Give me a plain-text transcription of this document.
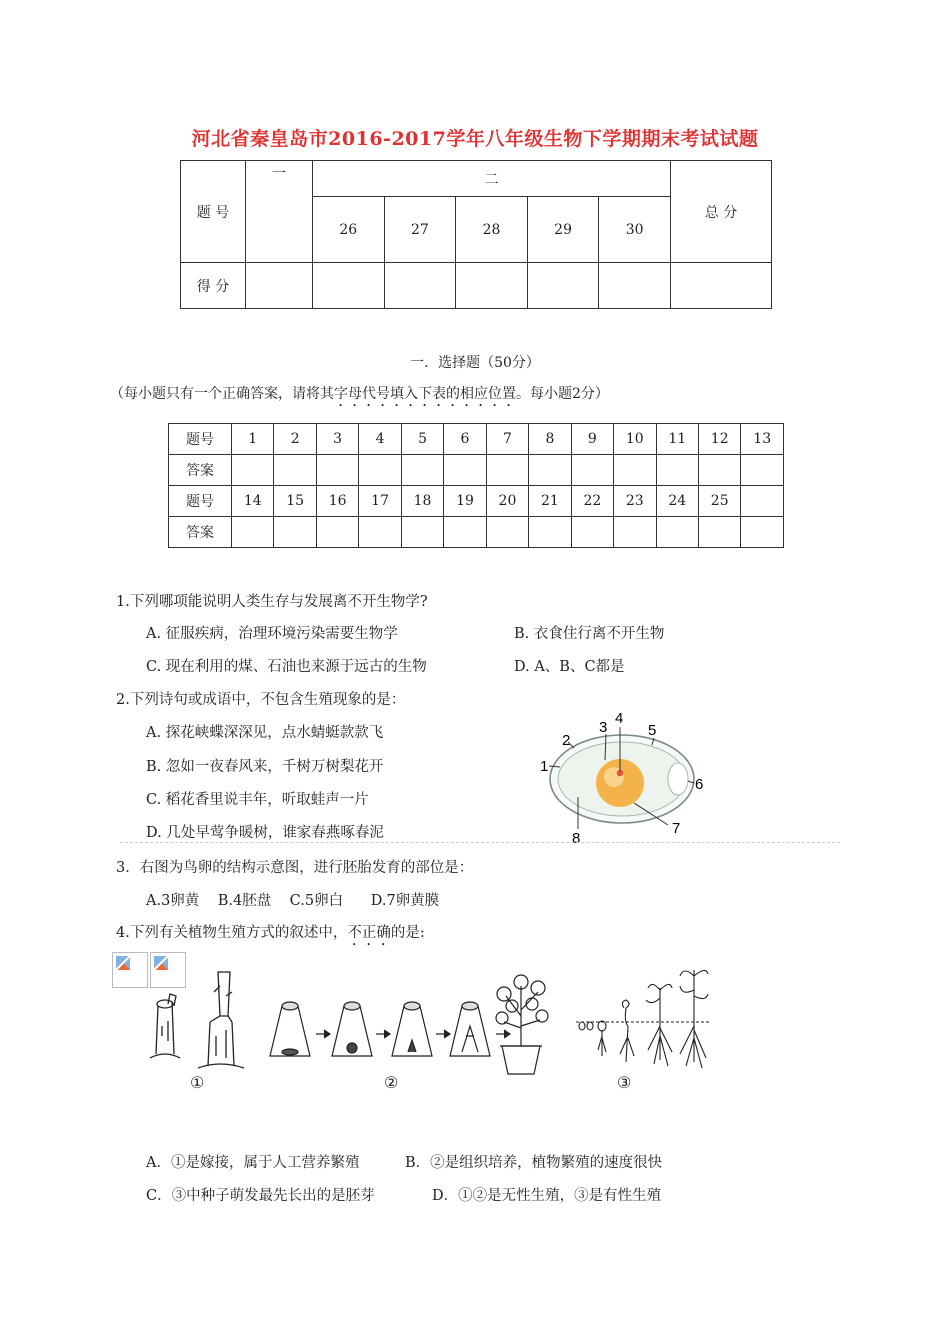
河北省秦皇岛市2016-2017学年八年级生物下学期期末考试试题
题 号	一	二					总 分
		26	27	28	29	30	
得 分							
一．选择题（50分）
（每小题只有一个正确答案，请将其字母代号填入下表的相应位置。每小题2分）
题号	1	2	3	4	5	6	7	8	9	10	11	12	13
答案													
题号	14	15	16	17	18	19	20	21	22	23	24	25	
答案													
1.下列哪项能说明人类生存与发展离不开生物学?
A. 征服疾病，治理环境污染需要生物学	B. 衣食住行离不开生物
C. 现在利用的煤、石油也来源于远古的生物	D. A、B、C都是
2.下列诗句或成语中，不包含生殖现象的是：
A. 探花峡蝶深深见，点水蜻蜓款款飞
B. 忽如一夜春风来，千树万树梨花开
C. 稻花香里说丰年，听取蛙声一片
D. 几处早莺争暖树，谁家春燕啄春泥
1
2
3
4
5
6
7
8
3．右图为鸟卵的结构示意图，进行胚胎发育的部位是：
A.3卵黄    B.4胚盘    C.5卵白      D.7卵黄膜
4.下列有关植物生殖方式的叙述中，不正确的是:
①	②	③
A．①是嫁接，属于人工营养繁殖	B．②是组织培养，植物繁殖的速度很快
C．③中种子萌发最先长出的是胚芽	D．①②是无性生殖，③是有性生殖
